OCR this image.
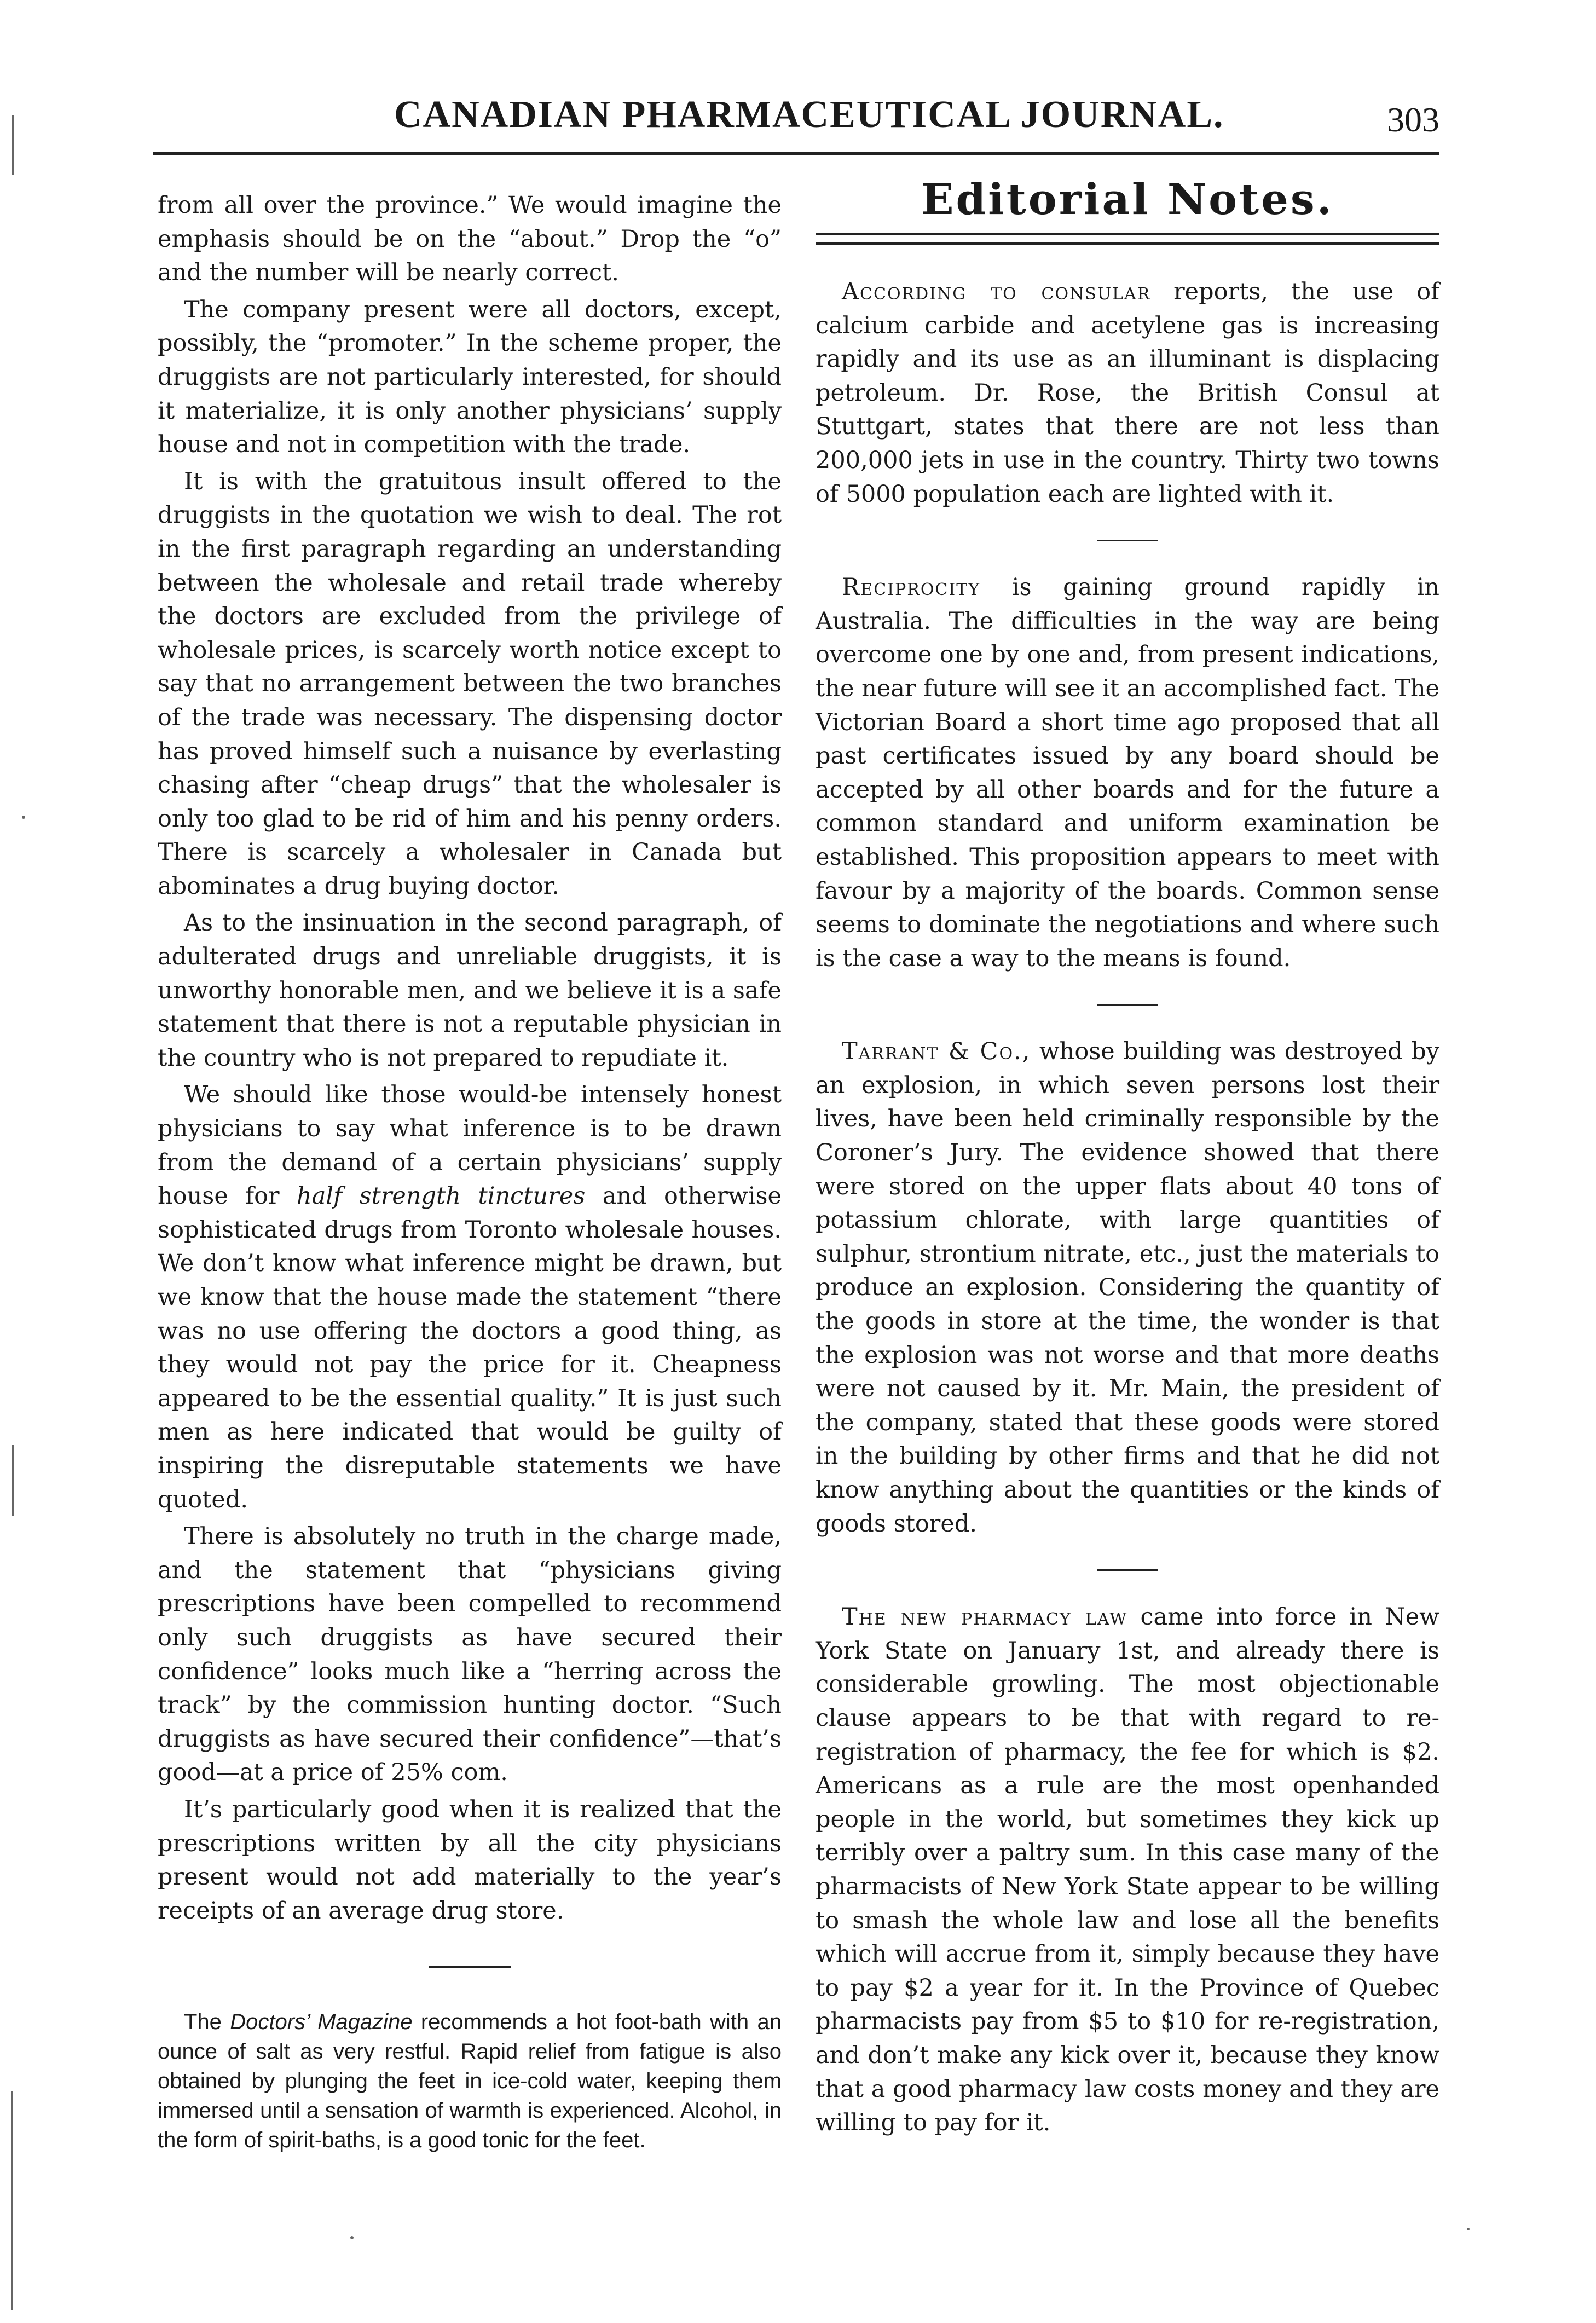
CANADIAN PHARMACEUTICAL JOURNAL.	303

from all over the province.” We would imagine the emphasis should be on the “about.” Drop the “o” and the number will be nearly correct.

The company present were all doctors, except, possibly, the “promoter.” In the scheme proper, the druggists are not particularly interested, for should it materialize, it is only another physicians’ supply house and not in competition with the trade.

It is with the gratuitous insult offered to the druggists in the quotation we wish to deal. The rot in the first paragraph regarding an understanding between the wholesale and retail trade whereby the doctors are excluded from the privilege of wholesale prices, is scarcely worth notice except to say that no arrangement between the two branches of the trade was necessary. The dispensing doctor has proved himself such a nuisance by everlasting chasing after “cheap drugs” that the wholesaler is only too glad to be rid of him and his penny orders. There is scarcely a wholesaler in Canada but abominates a drug buying doctor.

As to the insinuation in the second paragraph, of adulterated drugs and unreliable druggists, it is unworthy honorable men, and we believe it is a safe statement that there is not a reputable physician in the country who is not prepared to repudiate it.

We should like those would-be intensely honest physicians to say what inference is to be drawn from the demand of a certain physicians’ supply house for half strength tinctures and otherwise sophisticated drugs from Toronto wholesale houses. We don’t know what inference might be drawn, but we know that the house made the statement “there was no use offering the doctors a good thing, as they would not pay the price for it. Cheapness appeared to be the essential quality.” It is just such men as here indicated that would be guilty of inspiring the disreputable statements we have quoted.

There is absolutely no truth in the charge made, and the statement that “physicians giving prescriptions have been compelled to recommend only such druggists as have secured their confidence” looks much like a “herring across the track” by the commission hunting doctor. “Such druggists as have secured their confidence”—that’s good—at a price of 25% com.

It’s particularly good when it is realized that the prescriptions written by all the city physicians present would not add materially to the year’s receipts of an average drug store.

The Doctors’ Magazine recommends a hot foot-bath with an ounce of salt as very restful. Rapid relief from fatigue is also obtained by plunging the feet in ice-cold water, keeping them immersed until a sensation of warmth is experienced. Alcohol, in the form of spirit-baths, is a good tonic for the feet.

Editorial Notes.

According to consular reports, the use of calcium carbide and acetylene gas is increasing rapidly and its use as an illuminant is displacing petroleum. Dr. Rose, the British Consul at Stuttgart, states that there are not less than 200,000 jets in use in the country. Thirty two towns of 5000 population each are lighted with it.

Reciprocity is gaining ground rapidly in Australia. The difficulties in the way are being overcome one by one and, from present indications, the near future will see it an accomplished fact. The Victorian Board a short time ago proposed that all past certificates issued by any board should be accepted by all other boards and for the future a common standard and uniform examination be established. This proposition appears to meet with favour by a majority of the boards. Common sense seems to dominate the negotiations and where such is the case a way to the means is found.

Tarrant & Co., whose building was destroyed by an explosion, in which seven persons lost their lives, have been held criminally responsible by the Coroner’s Jury. The evidence showed that there were stored on the upper flats about 40 tons of potassium chlorate, with large quantities of sulphur, strontium nitrate, etc., just the materials to produce an explosion. Considering the quantity of the goods in store at the time, the wonder is that the explosion was not worse and that more deaths were not caused by it. Mr. Main, the president of the company, stated that these goods were stored in the building by other firms and that he did not know anything about the quantities or the kinds of goods stored.

The new pharmacy law came into force in New York State on January 1st, and already there is considerable growling. The most objectionable clause appears to be that with regard to re-registration of pharmacy, the fee for which is $2. Americans as a rule are the most openhanded people in the world, but sometimes they kick up terribly over a paltry sum. In this case many of the pharmacists of New York State appear to be willing to smash the whole law and lose all the benefits which will accrue from it, simply because they have to pay $2 a year for it. In the Province of Quebec pharmacists pay from $5 to $10 for re-registration, and don’t make any kick over it, because they know that a good pharmacy law costs money and they are willing to pay for it.
